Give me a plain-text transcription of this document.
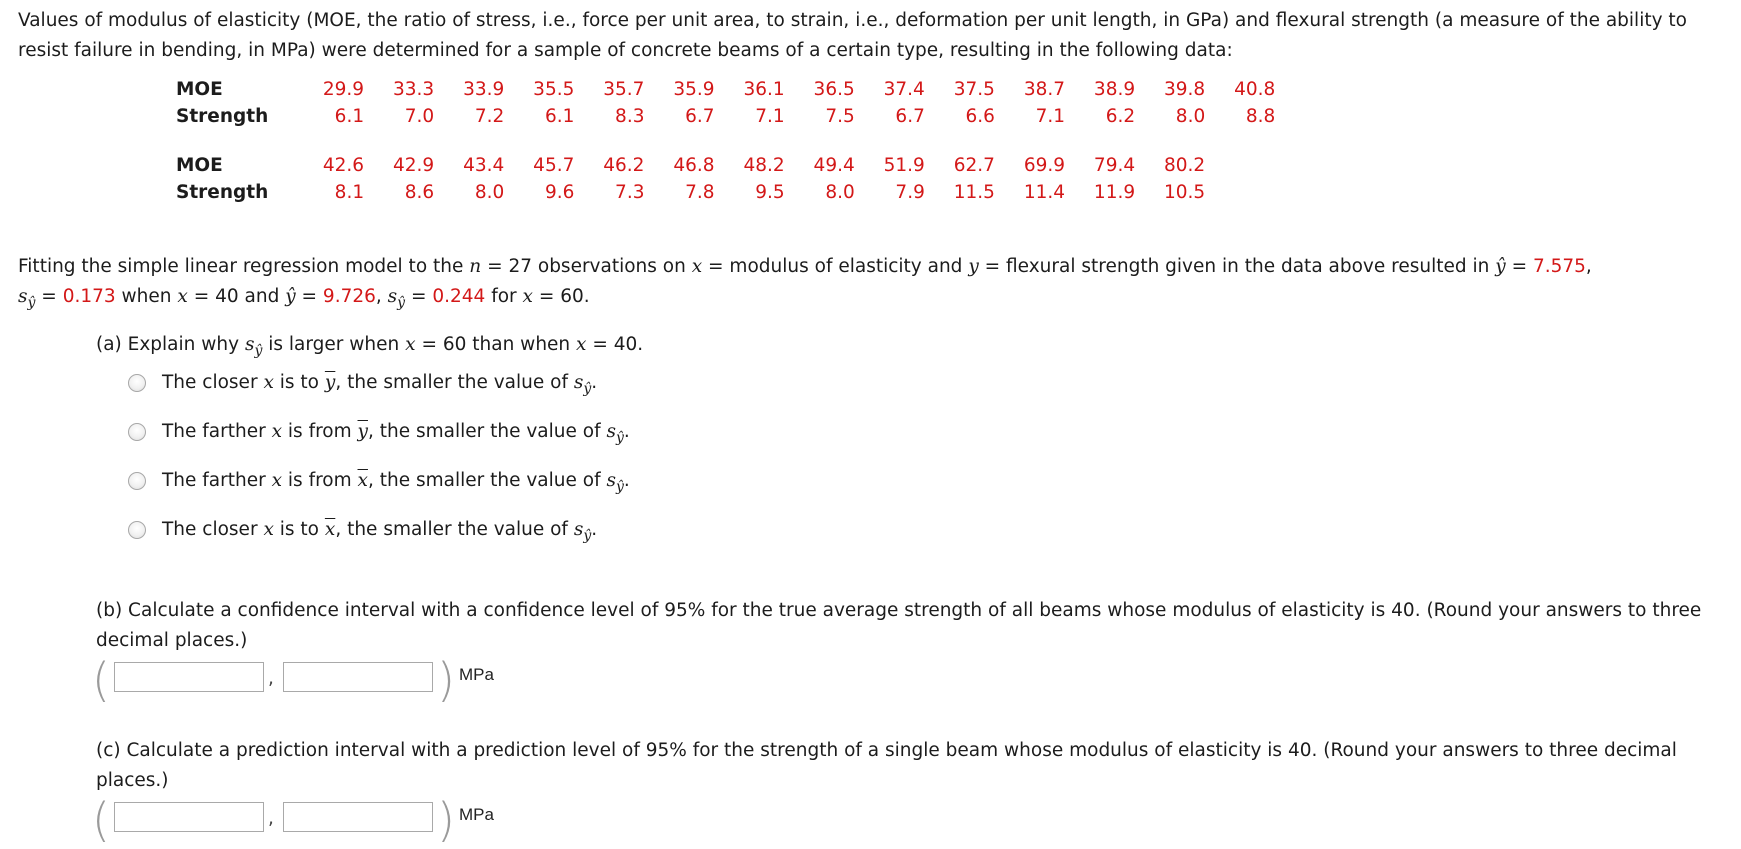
Values of modulus of elasticity (MOE, the ratio of stress, i.e., force per unit area, to strain, i.e., deformation per unit length, in GPa) and flexural strength (a measure of the ability to resist failure in bending, in MPa) were determined for a sample of concrete beams of a certain type, resulting in the following data:
MOE	29.9	33.3	33.9	35.5	35.7	35.9	36.1	36.5	37.4	37.5	38.7	38.9	39.8	40.8
Strength	6.1	7.0	7.2	6.1	8.3	6.7	7.1	7.5	6.7	6.6	7.1	6.2	8.0	8.8
MOE	42.6	42.9	43.4	45.7	46.2	46.8	48.2	49.4	51.9	62.7	69.9	79.4	80.2
Strength	8.1	8.6	8.0	9.6	7.3	7.8	9.5	8.0	7.9	11.5	11.4	11.9	10.5
Fitting the simple linear regression model to the n = 27 observations on x = modulus of elasticity and y = flexural strength given in the data above resulted in ŷ = 7.575,
$s_ŷ = 0.173$ when x = 40 and ŷ = 9.726, $s_ŷ = 0.244$ for x = 60.
(a) Explain why $s_ŷ$ is larger when x = 60 than when x = 40.
The closer x is to $\overline{y}$, the smaller the value of $s_ŷ$.
The farther x is from $\overline{y}$, the smaller the value of $s_ŷ$.
The farther x is from $\overline{x}$, the smaller the value of $s_ŷ$.
The closer x is to $\overline{x}$, the smaller the value of $s_ŷ$.
(b) Calculate a confidence interval with a confidence level of 95% for the true average strength of all beams whose modulus of elasticity is 40. (Round your answers to three decimal places.)
(	,	) MPa
(c) Calculate a prediction interval with a prediction level of 95% for the strength of a single beam whose modulus of elasticity is 40. (Round your answers to three decimal places.)
(	,	) MPa
